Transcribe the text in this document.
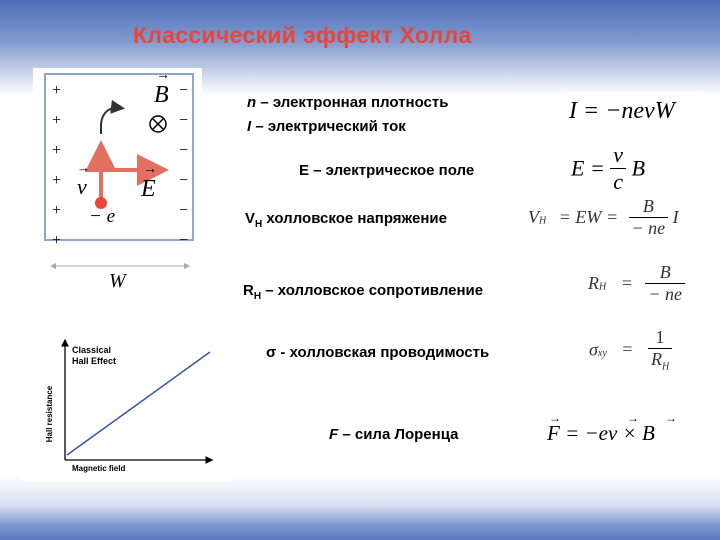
Классический эффект Холла
+
+
+
+
+
+
−
−
−
−
−
−
→
B
→
v
→
E
− e
W
Classical
Hall Effect
Hall resistance
Magnetic field
n – электронная плотность
I – электрический ток
E – электрическое поле
$V_H$ холловское напряжение
$R_H$ – холловское сопротивление
σ - холловская проводимость
F – сила Лоренца
I = −nevW
$E = \frac{v}{c}$ B
$V_H$ = EW = $\frac{B}{- ne}$ I
$R_H = \frac{B}{- ne}$
$\sigma_{xy} = \frac{1}{R_H}$
→	→ →
F = −ev × B
